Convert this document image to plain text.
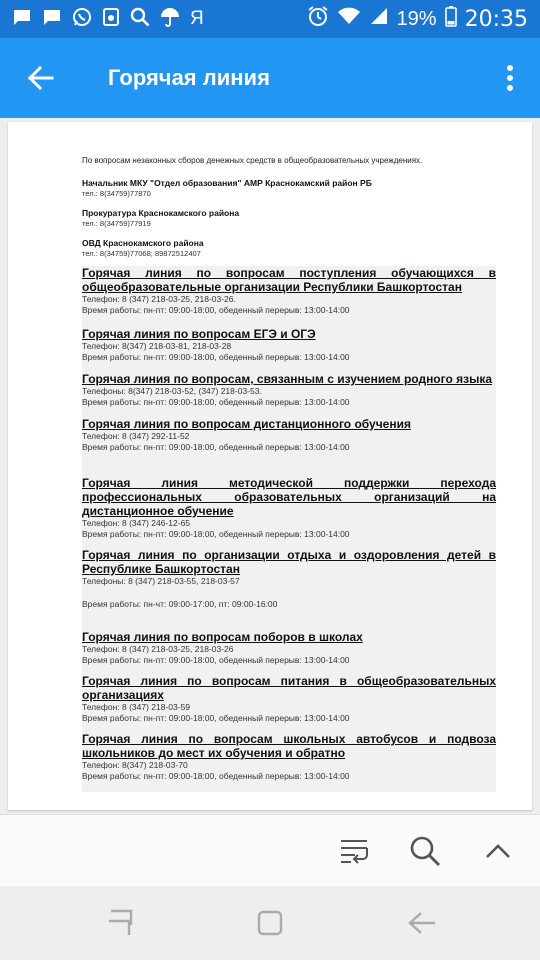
Я	19% 20:35
Горячая линия
По вопросам незаконных сборов денежных средств в общеобразовательных учреждениях.
Начальник МКУ "Отдел образования" АМР Краснокамский район РБ
тел.: 8(34759)77870
Прокуратура Краснокамского района
тел.: 8(34759)77919
ОВД Краснокамского района
тел.: 8(34759)77068; 89872512407
Горячая линия по вопросам поступления обучающихся в общеобразовательные организации Республики Башкортостан
Телефон: 8 (347) 218-03-25, 218-03-26.
Время работы: пн-пт: 09:00-18:00, обеденный перерыв: 13:00-14:00
Горячая линия по вопросам ЕГЭ и ОГЭ
Телефон: 8(347) 218-03-81, 218-03-28
Время работы: пн-пт: 09:00-18:00, обеденный перерыв: 13:00-14:00
Горячая линия по вопросам, связанным с изучением родного языка
Телефоны: 8(347) 218-03-52, (347) 218-03-53.
Время работы: пн-пт: 09:00-18:00, обеденный перерыв: 13:00-14:00
Горячая линия по вопросам дистанционного обучения
Телефон: 8 (347) 292-11-52
Время работы: пн-пт: 09:00-18:00, обеденный перерыв: 13:00-14:00
Горячая линия методической поддержки перехода профессиональных образовательных организаций на дистанционное обучение
Телефон: 8 (347) 246-12-65
Время работы: пн-пт: 09:00-18:00, обеденный перерыв: 13:00-14:00
Горячая линия по организации отдыха и оздоровления детей в Республике Башкортостан
Телефоны: 8 (347) 218-03-55, 218-03-57
Время работы: пн-чт: 09:00-17:00, пт: 09:00-16:00
Горячая линия по вопросам поборов в школах
Телефон: 8 (347) 218-03-25, 218-03-26
Время работы: пн-пт: 09:00-18:00, обеденный перерыв: 13:00-14:00
Горячая линия по вопросам питания в общеобразовательных организациях
Телефон: 8 (347) 218-03-59
Время работы: пн-пт: 09:00-18:00, обеденный перерыв: 13:00-14:00
Горячая линия по вопросам школьных автобусов и подвоза школьников до мест их обучения и обратно
Телефон: 8(347) 218-03-70
Время работы: пн-пт: 09:00-18:00, обеденный перерыв: 13:00-14:00
